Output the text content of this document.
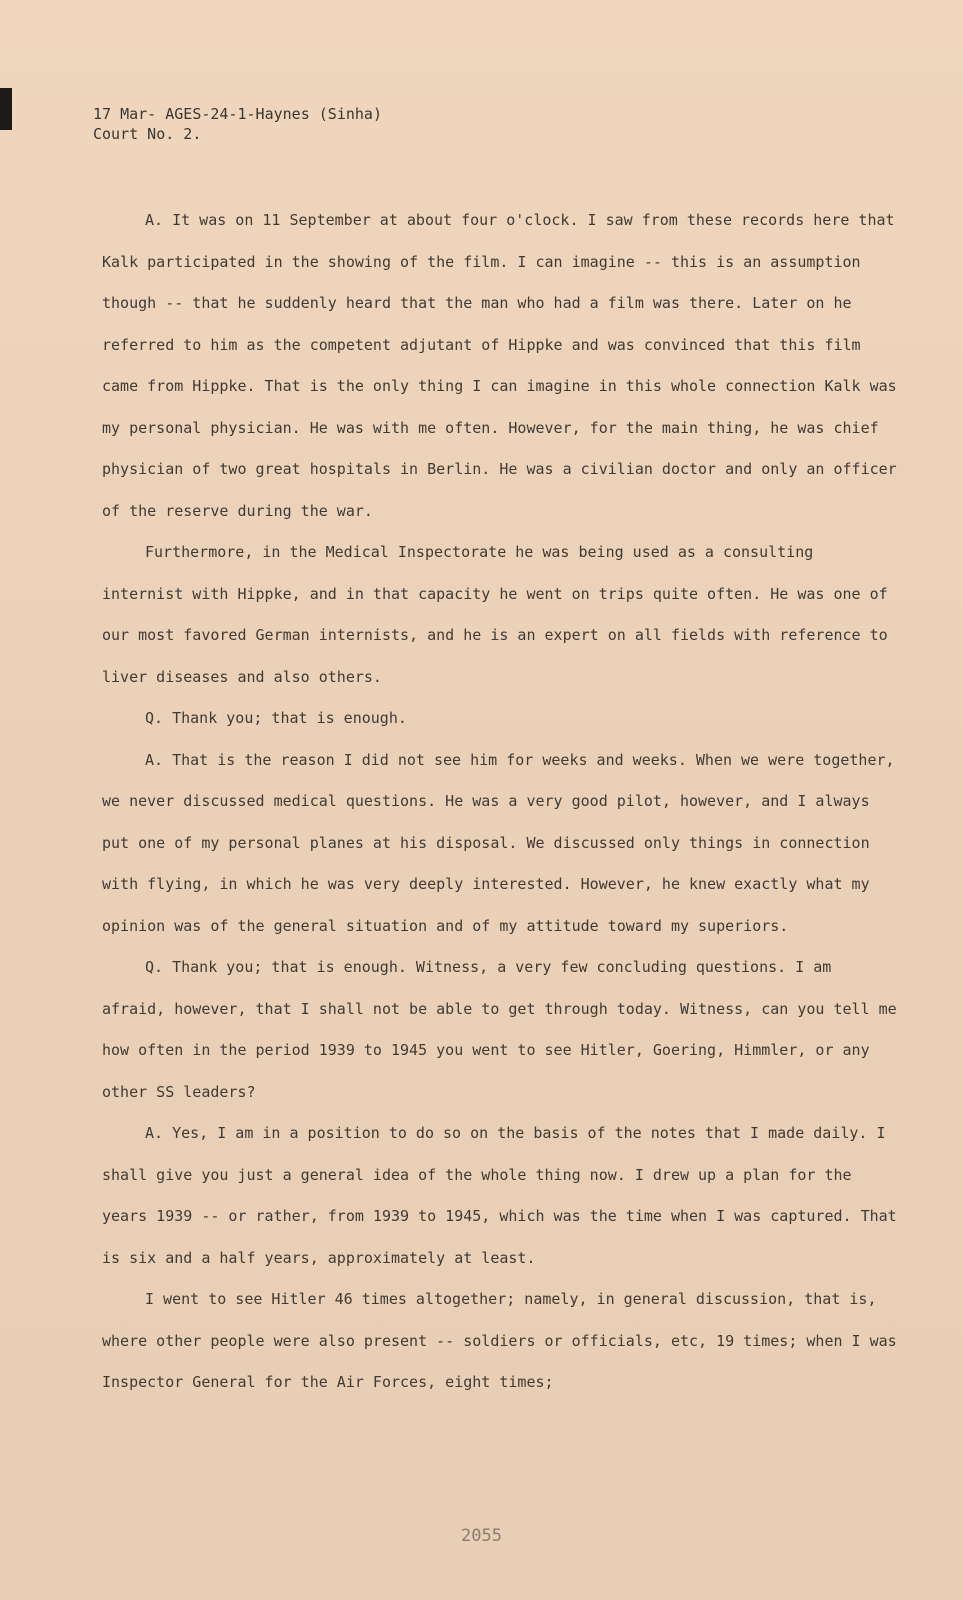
17 Mar- AGES-24-1-Haynes (Sinha)
Court No. 2.

A. It was on 11 September at about four o'clock. I saw from these records here that Kalk participated in the showing of the film. I can imagine -- this is an assumption though -- that he suddenly heard that the man who had a film was there. Later on he referred to him as the competent adjutant of Hippke and was convinced that this film came from Hippke. That is the only thing I can imagine in this whole connection Kalk was my personal physician. He was with me often. However, for the main thing, he was chief physician of two great hospitals in Berlin. He was a civilian doctor and only an officer of the reserve during the war.

Furthermore, in the Medical Inspectorate he was being used as a consulting internist with Hippke, and in that capacity he went on trips quite often. He was one of our most favored German internists, and he is an expert on all fields with reference to liver diseases and also others.

Q. Thank you; that is enough.

A. That is the reason I did not see him for weeks and weeks. When we were together, we never discussed medical questions. He was a very good pilot, however, and I always put one of my personal planes at his disposal. We discussed only things in connection with flying, in which he was very deeply interested. However, he knew exactly what my opinion was of the general situation and of my attitude toward my superiors.

Q. Thank you; that is enough. Witness, a very few concluding questions. I am afraid, however, that I shall not be able to get through today. Witness, can you tell me how often in the period 1939 to 1945 you went to see Hitler, Goering, Himmler, or any other SS leaders?

A. Yes, I am in a position to do so on the basis of the notes that I made daily. I shall give you just a general idea of the whole thing now. I drew up a plan for the years 1939 -- or rather, from 1939 to 1945, which was the time when I was captured. That is six and a half years, approximately at least.

I went to see Hitler 46 times altogether; namely, in general discussion, that is, where other people were also present -- soldiers or officials, etc, 19 times; when I was Inspector General for the Air Forces, eight times;

2055
